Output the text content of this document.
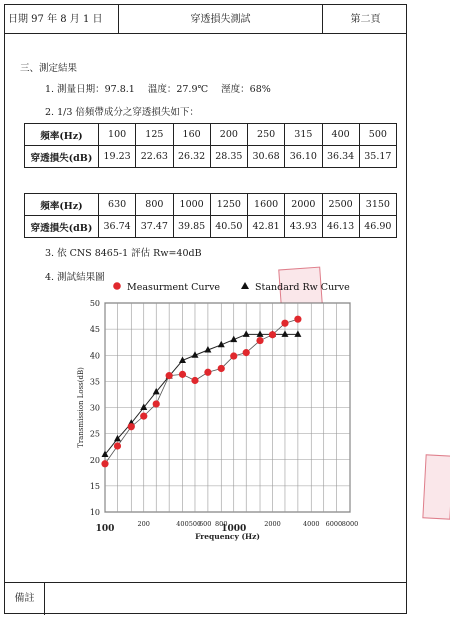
日期 97 年 8 月 1 日	穿透損失測試	第二頁
三、測定結果
1. 測量日期：97.8.1 溫度：27.9℃ 溼度：68%
2. 1/3 倍頻帶成分之穿透損失如下：
頻率(Hz)	100	125	160	200	250	315	400	500
穿透損失(dB)	19.23	22.63	26.32	28.35	30.68	36.10	36.34	35.17
頻率(Hz)	630	800	1000	1250	1600	2000	2500	3150
穿透損失(dB)	36.74	37.47	39.85	40.50	42.81	43.93	46.13	46.90
3. 依 CNS 8465-1 評估 Rw=40dB
4. 測試結果圖
備註
10
15
20
25
30
35
40
45
50
100	200	400 500
600 800
1000	2000	4000 6000 8000
Frequency (Hz)
Transmission Loss(dB)
Measurment Curve	Standard Rw Curve
